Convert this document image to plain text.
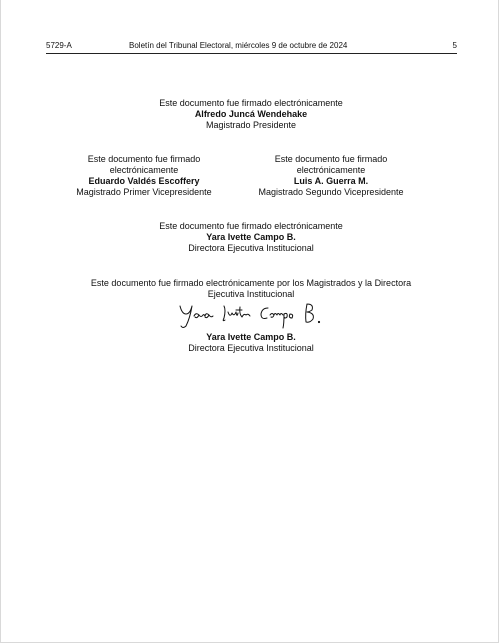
5729-A	Boletín del Tribunal Electoral, miércoles 9 de octubre de 2024	5
Este documento fue firmado electrónicamente
Alfredo Juncá Wendehake
Magistrado Presidente
Este documento fue firmado
electrónicamente
Eduardo Valdés Escoffery
Magistrado Primer Vicepresidente
Este documento fue firmado
electrónicamente
Luis A. Guerra M.
Magistrado Segundo Vicepresidente
Este documento fue firmado electrónicamente
Yara Ivette Campo B.
Directora Ejecutiva Institucional
Este documento fue firmado electrónicamente por los Magistrados y la Directora
Ejecutiva Institucional
Yara Ivette Campo B.
Directora Ejecutiva Institucional
